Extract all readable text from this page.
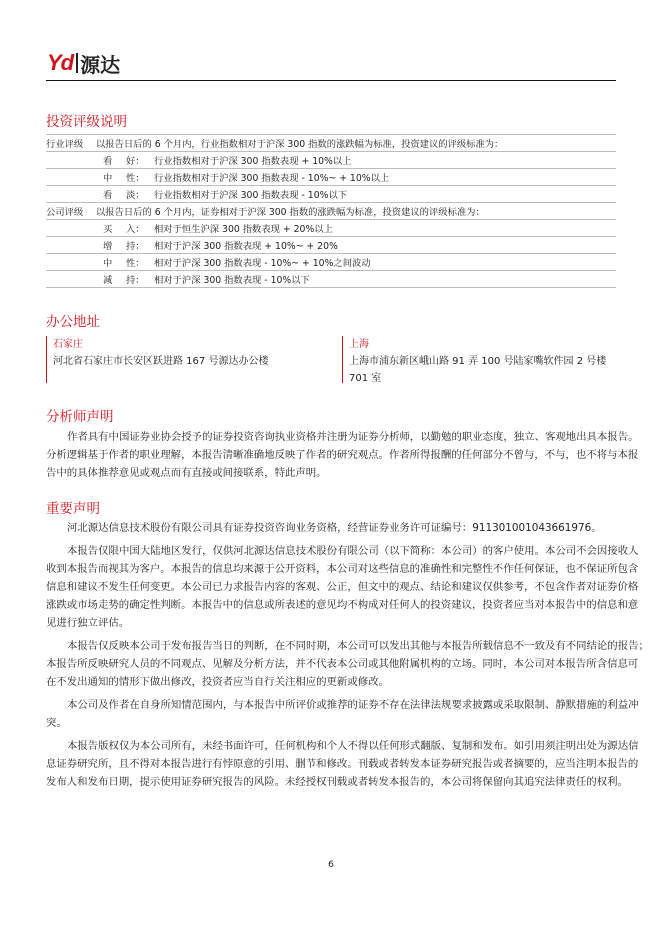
Yd 源达
投资评级说明
行业评级	以报告日后的 6 个月内，行业指数相对于沪深 300 指数的涨跌幅为标准，投资建议的评级标准为：		
	看	好：	行业指数相对于沪深 300 指数表现 + 10%以上
	中	性：	行业指数相对于沪深 300 指数表现 - 10%~ + 10%以上
	看	淡：	行业指数相对于沪深 300 指数表现 - 10%以下
公司评级	以报告日后的 6 个月内，证券相对于沪深 300 指数的涨跌幅为标准，投资建议的评级标准为：		
	买	入：	相对于恒生沪深 300 指数表现 + 20%以上
	增	持：	相对于沪深 300 指数表现 + 10%~ + 20%
	中	性：	相对于沪深 300 指数表现 - 10%~ + 10%之间波动
	减	持：	相对于沪深 300 指数表现 - 10%以下
办公地址
石家庄
河北省石家庄市长安区跃进路 167 号源达办公楼
上海
上海市浦东新区峨山路 91 弄 100 号陆家嘴软件园 2 号楼 701 室
分析师声明
作者具有中国证券业协会授予的证券投资咨询执业资格并注册为证券分析师，以勤勉的职业态度，独立、客观地出具本报告。
分析逻辑基于作者的职业理解，本报告清晰准确地反映了作者的研究观点。作者所得报酬的任何部分不曾与，不与，也不将与本报
告中的具体推荐意见或观点而有直接或间接联系，特此声明。
重要声明
河北源达信息技术股份有限公司具有证券投资咨询业务资格，经营证券业务许可证编号：911301001043661976。
本报告仅限中国大陆地区发行，仅供河北源达信息技术股份有限公司（以下简称：本公司）的客户使用。本公司不会因接收人
收到本报告而视其为客户。本报告的信息均来源于公开资料，本公司对这些信息的准确性和完整性不作任何保证，也不保证所包含
信息和建议不发生任何变更。本公司已力求报告内容的客观、公正，但文中的观点、结论和建议仅供参考，不包含作者对证券价格
涨跌或市场走势的确定性判断。本报告中的信息或所表述的意见均不构成对任何人的投资建议，投资者应当对本报告中的信息和意
见进行独立评估。
本报告仅反映本公司于发布报告当日的判断，在不同时期，本公司可以发出其他与本报告所载信息不一致及有不同结论的报告；
本报告所反映研究人员的不同观点、见解及分析方法，并不代表本公司或其他附属机构的立场。同时，本公司对本报告所含信息可
在不发出通知的情形下做出修改，投资者应当自行关注相应的更新或修改。
本公司及作者在自身所知情范围内，与本报告中所评价或推荐的证券不存在法律法规要求披露或采取限制、静默措施的利益冲
突。
本报告版权仅为本公司所有，未经书面许可，任何机构和个人不得以任何形式翻版、复制和发布。如引用须注明出处为源达信
息证券研究所，且不得对本报告进行有悖原意的引用、删节和修改。刊载或者转发本证券研究报告或者摘要的，应当注明本报告的
发布人和发布日期，提示使用证券研究报告的风险。未经授权刊载或者转发本报告的，本公司将保留向其追究法律责任的权利。
6
